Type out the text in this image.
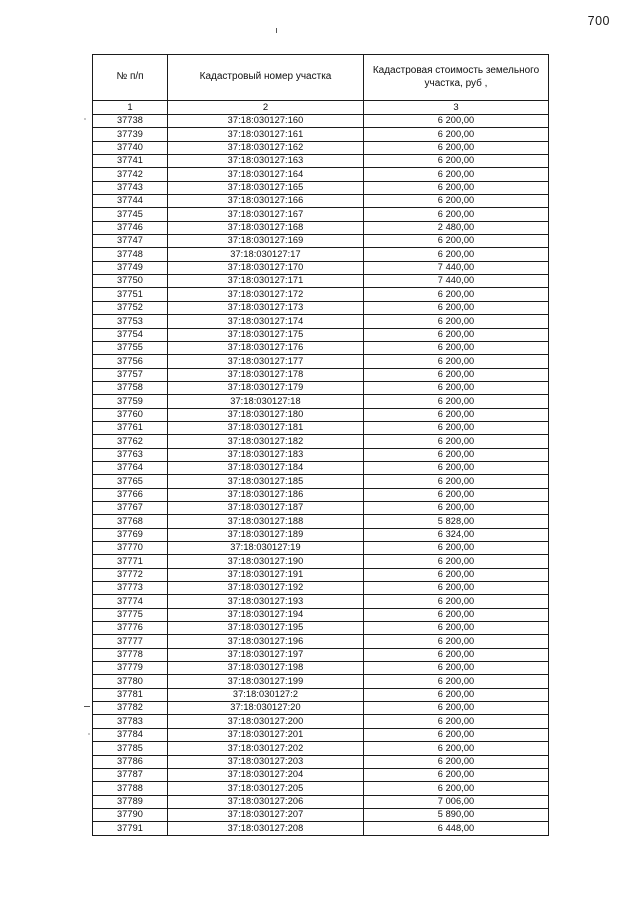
700
№ п/п	Кадастровый номер участка	Кадастровая стоимость земельного участка, руб ,
1	2	3
37738	37:18:030127:160	6 200,00
37739	37:18:030127:161	6 200,00
37740	37:18:030127:162	6 200,00
37741	37:18:030127:163	6 200,00
37742	37:18:030127:164	6 200,00
37743	37:18:030127:165	6 200,00
37744	37:18:030127:166	6 200,00
37745	37:18:030127:167	6 200,00
37746	37:18:030127:168	2 480,00
37747	37:18:030127:169	6 200,00
37748	37:18:030127:17	6 200,00
37749	37:18:030127:170	7 440,00
37750	37:18:030127:171	7 440,00
37751	37:18:030127:172	6 200,00
37752	37:18:030127:173	6 200,00
37753	37:18:030127:174	6 200,00
37754	37:18:030127:175	6 200,00
37755	37:18:030127:176	6 200,00
37756	37:18:030127:177	6 200,00
37757	37:18:030127:178	6 200,00
37758	37:18:030127:179	6 200,00
37759	37:18:030127:18	6 200,00
37760	37:18:030127:180	6 200,00
37761	37:18:030127:181	6 200,00
37762	37:18:030127:182	6 200,00
37763	37:18:030127:183	6 200,00
37764	37:18:030127:184	6 200,00
37765	37:18:030127:185	6 200,00
37766	37:18:030127:186	6 200,00
37767	37:18:030127:187	6 200,00
37768	37:18:030127:188	5 828,00
37769	37:18:030127:189	6 324,00
37770	37:18:030127:19	6 200,00
37771	37:18:030127:190	6 200,00
37772	37:18:030127:191	6 200,00
37773	37:18:030127:192	6 200,00
37774	37:18:030127:193	6 200,00
37775	37:18:030127:194	6 200,00
37776	37:18:030127:195	6 200,00
37777	37:18:030127:196	6 200,00
37778	37:18:030127:197	6 200,00
37779	37:18:030127:198	6 200,00
37780	37:18:030127:199	6 200,00
37781	37:18:030127:2	6 200,00
37782	37:18:030127:20	6 200,00
37783	37:18:030127:200	6 200,00
37784	37:18:030127:201	6 200,00
37785	37:18:030127:202	6 200,00
37786	37:18:030127:203	6 200,00
37787	37:18:030127:204	6 200,00
37788	37:18:030127:205	6 200,00
37789	37:18:030127:206	7 006,00
37790	37:18:030127:207	5 890,00
37791	37:18:030127:208	6 448,00
